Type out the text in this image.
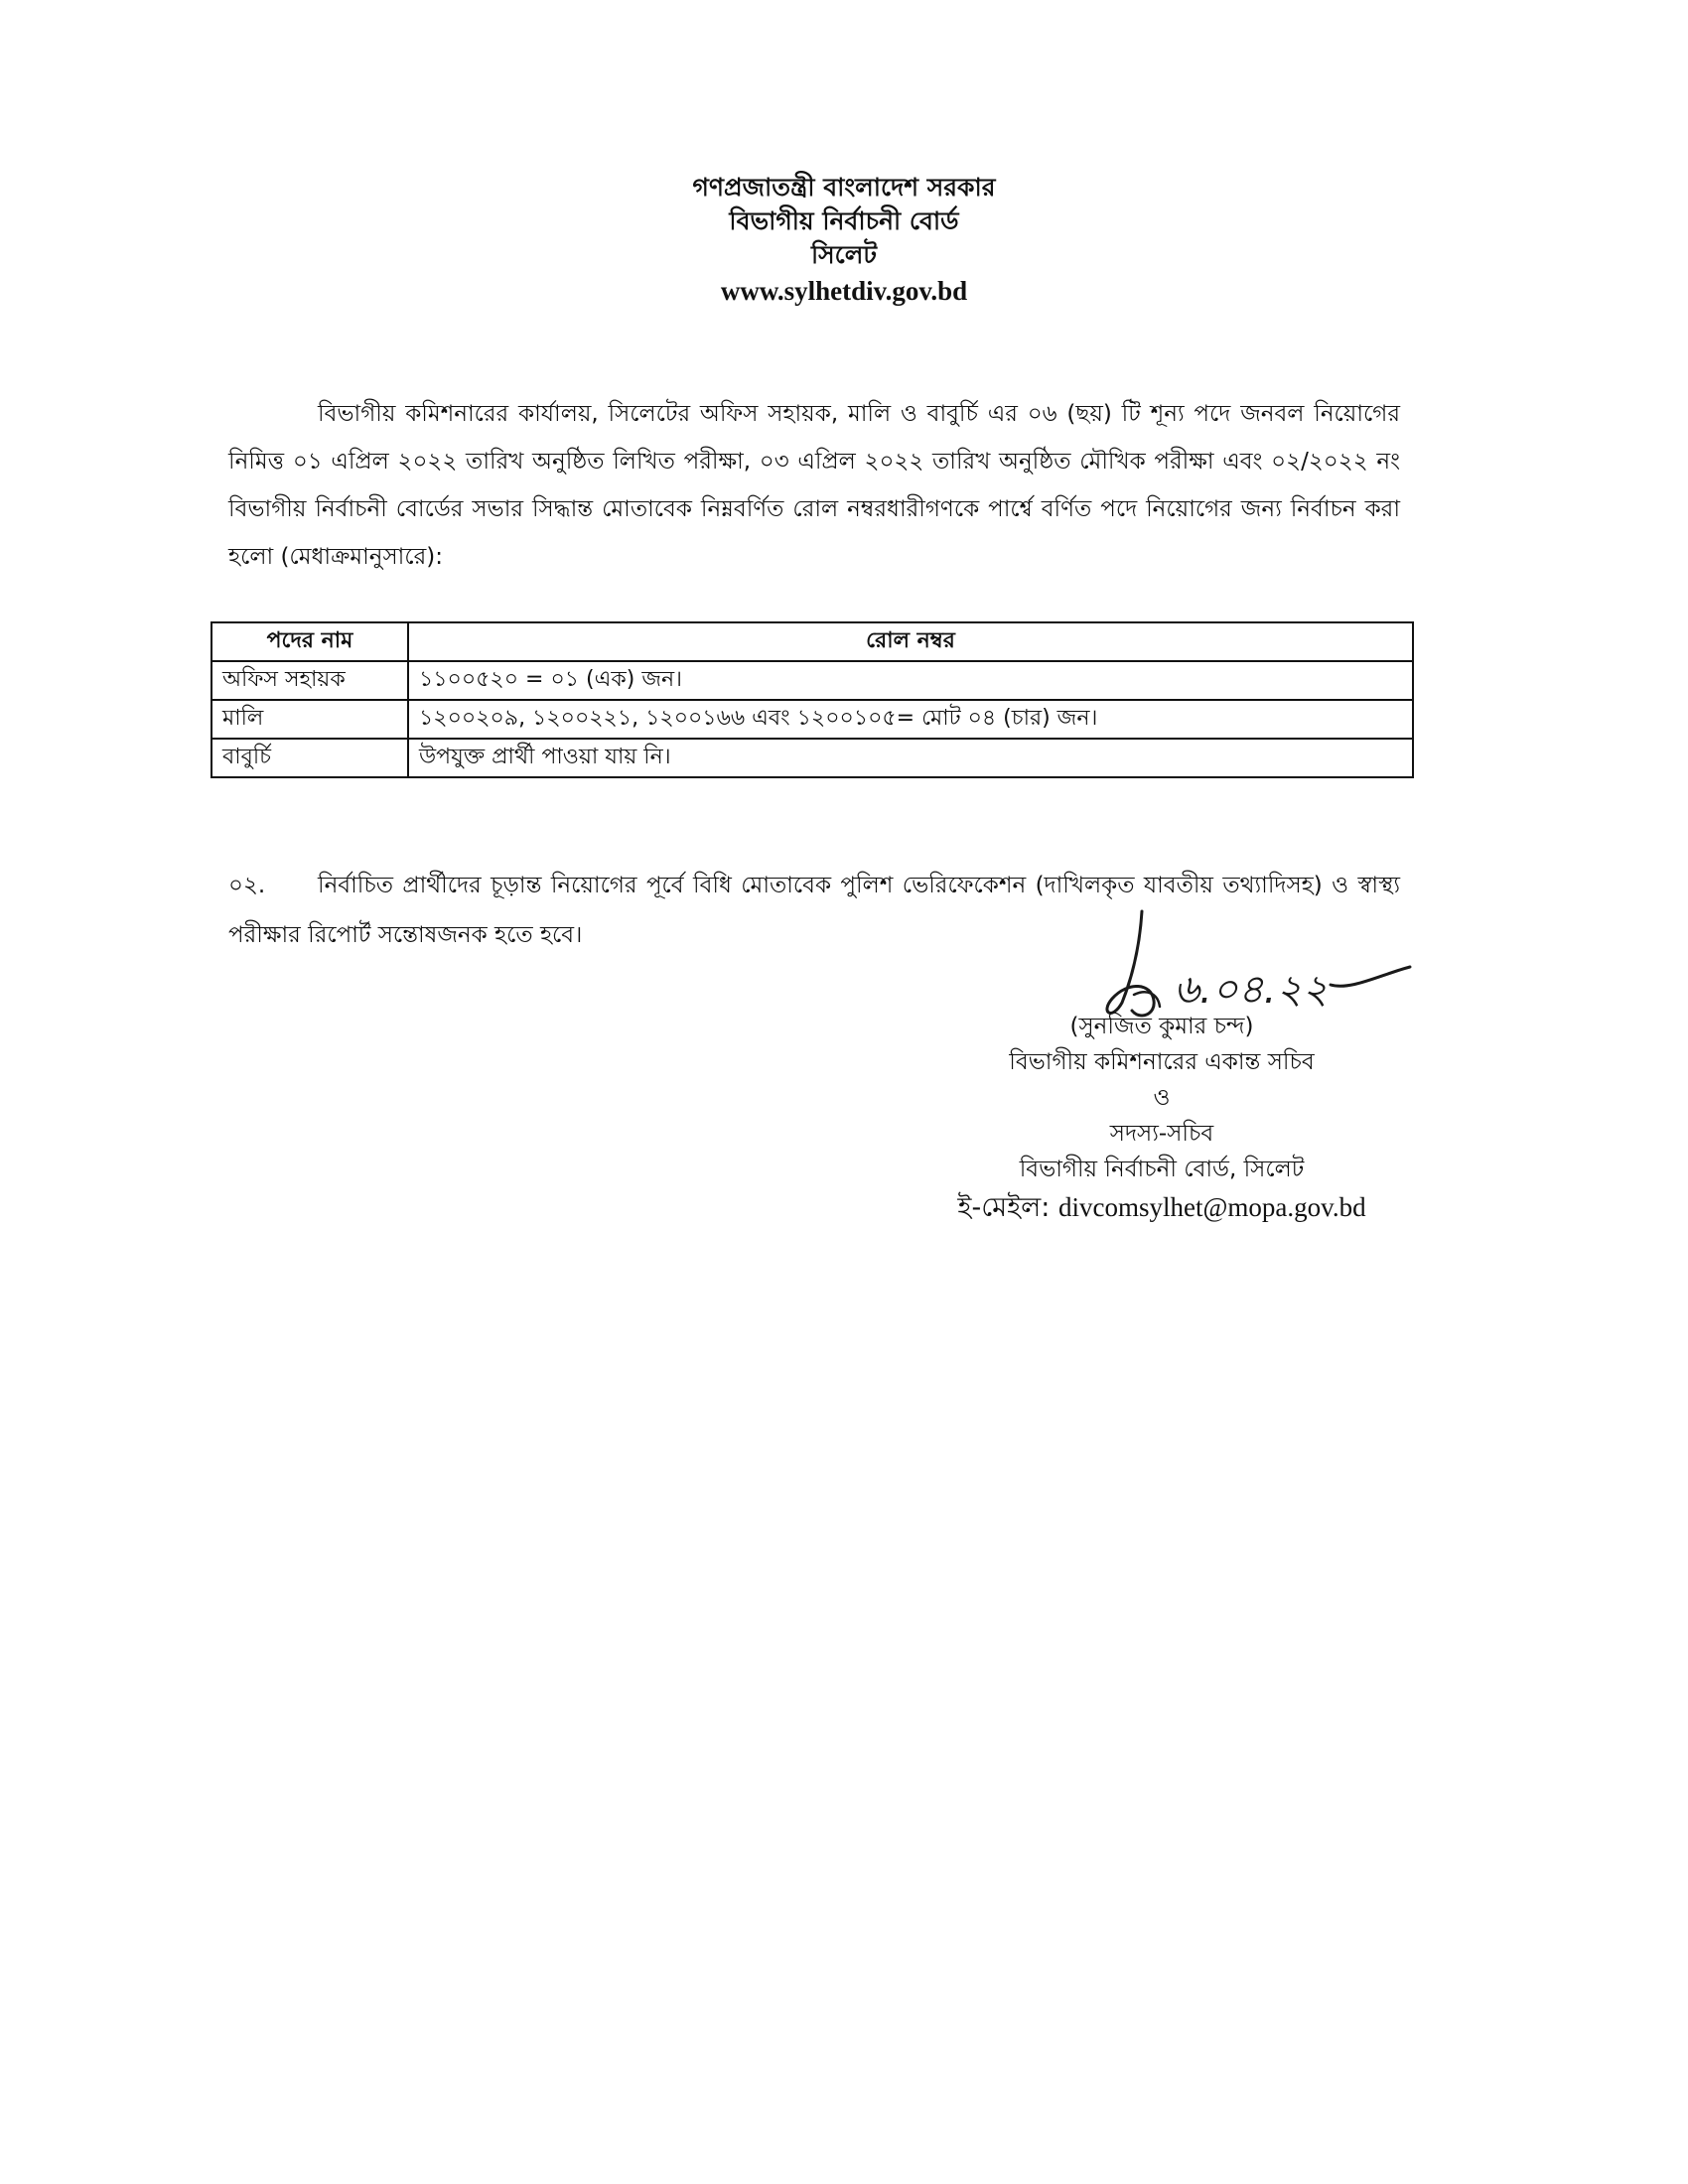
গণপ্রজাতন্ত্রী বাংলাদেশ সরকার
বিভাগীয় নির্বাচনী বোর্ড
সিলেট
www.sylhetdiv.gov.bd

বিভাগীয় কমিশনারের কার্যালয়, সিলেটের অফিস সহায়ক, মালি ও বাবুর্চি এর ০৬ (ছয়) টি শূন্য পদে জনবল নিয়োগের নিমিত্ত ০১ এপ্রিল ২০২২ তারিখ অনুষ্ঠিত লিখিত পরীক্ষা, ০৩ এপ্রিল ২০২২ তারিখ অনুষ্ঠিত মৌখিক পরীক্ষা এবং ০২/২০২২ নং বিভাগীয় নির্বাচনী বোর্ডের সভার সিদ্ধান্ত মোতাবেক নিম্নবর্ণিত রোল নম্বরধারীগণকে পার্শ্বে বর্ণিত পদে নিয়োগের জন্য নির্বাচন করা হলো (মেধাক্রমানুসারে):

পদের নাম	রোল নম্বর
অফিস সহায়ক	১১০০৫২০ = ০১ (এক) জন।
মালি	১২০০২০৯, ১২০০২২১, ১২০০১৬৬ এবং ১২০০১০৫= মোট ০৪ (চার) জন।
বাবুর্চি	উপযুক্ত প্রার্থী পাওয়া যায় নি।

০২. নির্বাচিত প্রার্থীদের চূড়ান্ত নিয়োগের পূর্বে বিধি মোতাবেক পুলিশ ভেরিফেকেশন (দাখিলকৃত যাবতীয় তথ্যাদিসহ) ও স্বাস্থ্য পরীক্ষার রিপোর্ট সন্তোষজনক হতে হবে।

৬.০৪.২২
(সুনজিত কুমার চন্দ)
বিভাগীয় কমিশনারের একান্ত সচিব
ও
সদস্য-সচিব
বিভাগীয় নির্বাচনী বোর্ড, সিলেট
ই-মেইল: divcomsylhet@mopa.gov.bd
